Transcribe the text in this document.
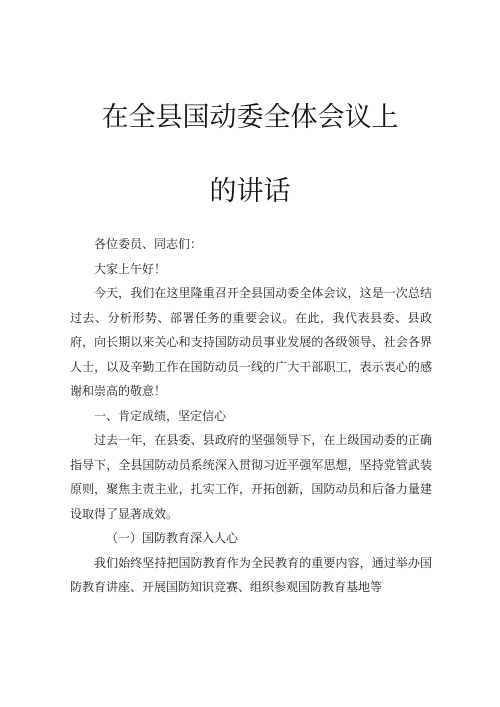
在全县国动委全体会议上
的讲话

各位委员、同志们：

大家上午好！

今天，我们在这里隆重召开全县国动委全体会议，这是一次总结过去、分析形势、部署任务的重要会议。在此，我代表县委、县政府，向长期以来关心和支持国防动员事业发展的各级领导、社会各界人士，以及辛勤工作在国防动员一线的广大干部职工，表示衷心的感谢和崇高的敬意！

一、肯定成绩，坚定信心

过去一年，在县委、县政府的坚强领导下，在上级国动委的正确指导下，全县国防动员系统深入贯彻习近平强军思想，坚持党管武装原则，聚焦主责主业，扎实工作，开拓创新，国防动员和后备力量建设取得了显著成效。

（一）国防教育深入人心

我们始终坚持把国防教育作为全民教育的重要内容，通过举办国防教育讲座、开展国防知识竞赛、组织参观国防教育基地等
